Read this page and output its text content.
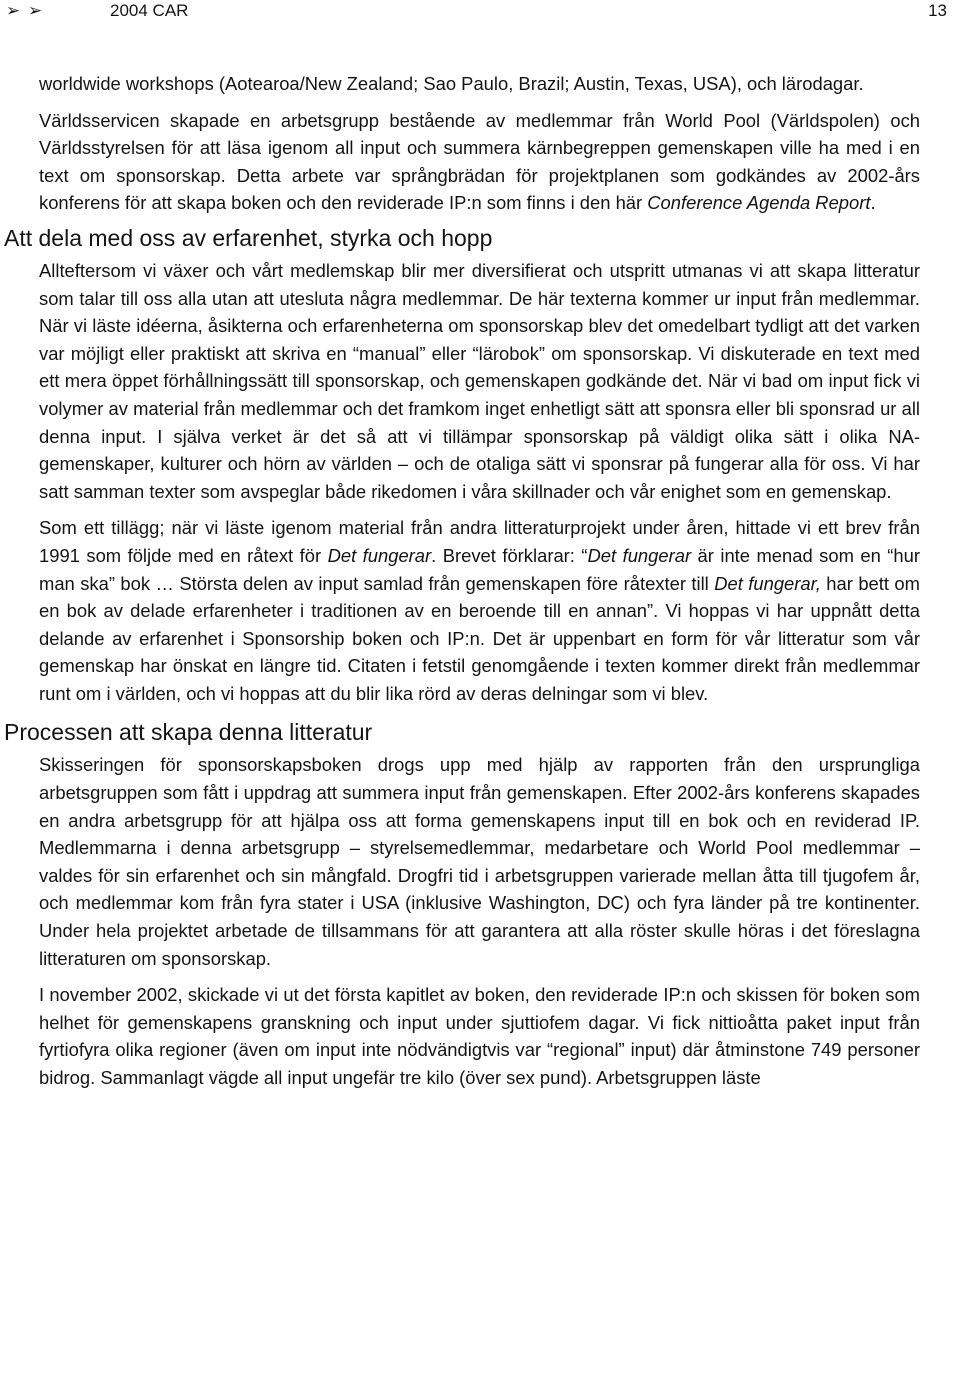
➢ ➢	2004 CAR	13

worldwide workshops (Aotearoa/New Zealand; Sao Paulo, Brazil; Austin, Texas, USA), och lärodagar.

Världsservicen skapade en arbetsgrupp bestående av medlemmar från World Pool (Världspolen) och Världsstyrelsen för att läsa igenom all input och summera kärnbegreppen gemenskapen ville ha med i en text om sponsorskap. Detta arbete var språngbrädan för projektplanen som godkändes av 2002-års konferens för att skapa boken och den reviderade IP:n som finns i den här Conference Agenda Report.

Att dela med oss av erfarenhet, styrka och hopp

Allteftersom vi växer och vårt medlemskap blir mer diversifierat och utspritt utmanas vi att skapa litteratur som talar till oss alla utan att utesluta några medlemmar. De här texterna kommer ur input från medlemmar. När vi läste idéerna, åsikterna och erfarenheterna om sponsorskap blev det omedelbart tydligt att det varken var möjligt eller praktiskt att skriva en “manual” eller “lärobok” om sponsorskap. Vi diskuterade en text med ett mera öppet förhållningssätt till sponsorskap, och gemenskapen godkände det. När vi bad om input fick vi volymer av material från medlemmar och det framkom inget enhetligt sätt att sponsra eller bli sponsrad ur all denna input. I själva verket är det så att vi tillämpar sponsorskap på väldigt olika sätt i olika NA-gemenskaper, kulturer och hörn av världen – och de otaliga sätt vi sponsrar på fungerar alla för oss. Vi har satt samman texter som avspeglar både rikedomen i våra skillnader och vår enighet som en gemenskap.

Som ett tillägg; när vi läste igenom material från andra litteraturprojekt under åren, hittade vi ett brev från 1991 som följde med en råtext för Det fungerar. Brevet förklarar: “Det fungerar är inte menad som en “hur man ska” bok … Största delen av input samlad från gemenskapen före råtexter till Det fungerar, har bett om en bok av delade erfarenheter i traditionen av en beroende till en annan”. Vi hoppas vi har uppnått detta delande av erfarenhet i Sponsorship boken och IP:n. Det är uppenbart en form för vår litteratur som vår gemenskap har önskat en längre tid. Citaten i fetstil genomgående i texten kommer direkt från medlemmar runt om i världen, och vi hoppas att du blir lika rörd av deras delningar som vi blev.

Processen att skapa denna litteratur

Skisseringen för sponsorskapsboken drogs upp med hjälp av rapporten från den ursprungliga arbetsgruppen som fått i uppdrag att summera input från gemenskapen. Efter 2002-års konferens skapades en andra arbetsgrupp för att hjälpa oss att forma gemenskapens input till en bok och en reviderad IP. Medlemmarna i denna arbetsgrupp – styrelsemedlemmar, medarbetare och World Pool medlemmar – valdes för sin erfarenhet och sin mångfald. Drogfri tid i arbetsgruppen varierade mellan åtta till tjugofem år, och medlemmar kom från fyra stater i USA (inklusive Washington, DC) och fyra länder på tre kontinenter. Under hela projektet arbetade de tillsammans för att garantera att alla röster skulle höras i det föreslagna litteraturen om sponsorskap.

I november 2002, skickade vi ut det första kapitlet av boken, den reviderade IP:n och skissen för boken som helhet för gemenskapens granskning och input under sjuttiofem dagar. Vi fick nittioåtta paket input från fyrtiofyra olika regioner (även om input inte nödvändigtvis var “regional” input) där åtminstone 749 personer bidrog. Sammanlagt vägde all input ungefär tre kilo (över sex pund). Arbetsgruppen läste
